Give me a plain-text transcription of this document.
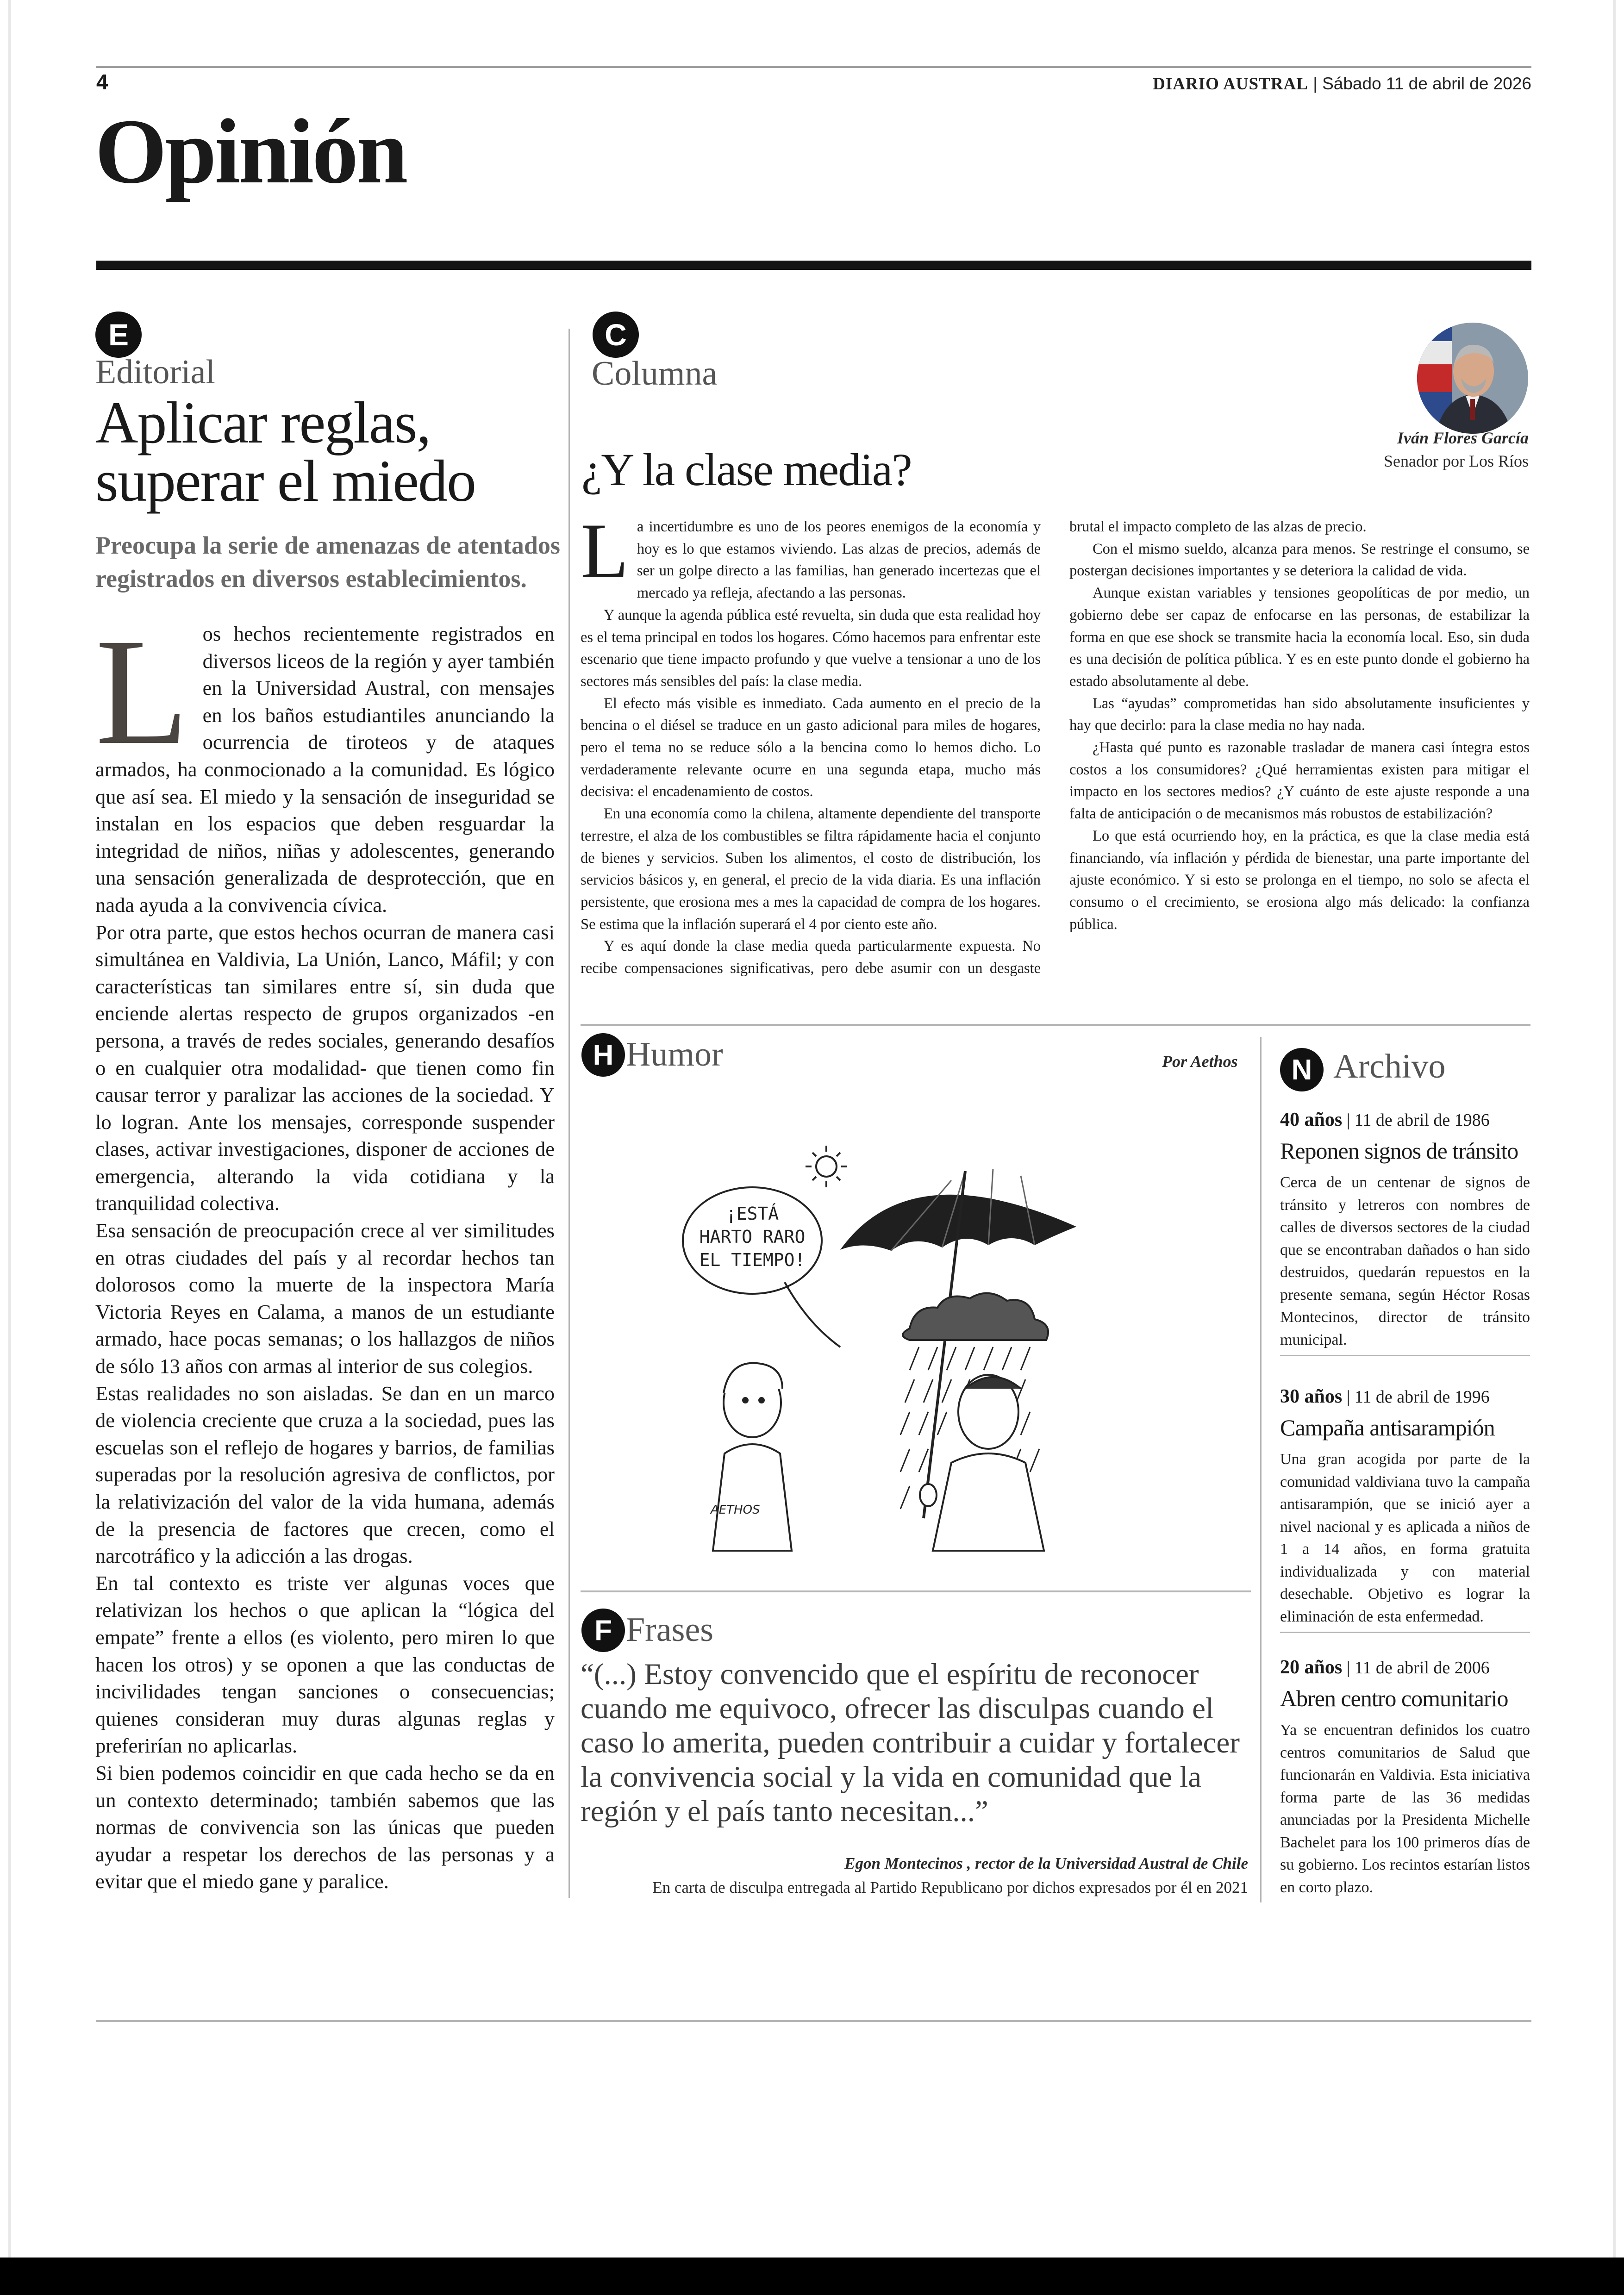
4	DIARIO AUSTRAL | Sábado 11 de abril de 2026
Opinión
E
Editorial
Aplicar reglas,
superar el miedo
Preocupa la serie de amenazas de atentados registrados en diversos establecimientos.

Los hechos recientemente registrados en diversos liceos de la región y ayer también en la Universidad Austral, con mensajes en los baños estudiantiles anunciando la ocurrencia de tiroteos y de ataques armados, ha conmocionado a la comunidad. Es lógico que así sea. El miedo y la sensación de inseguridad se instalan en los espacios que deben resguardar la integridad de niños, niñas y adolescentes, generando una sensación generalizada de desprotección, que en nada ayuda a la convivencia cívica.

Por otra parte, que estos hechos ocurran de manera casi simultánea en Valdivia, La Unión, Lanco, Máfil; y con características tan similares entre sí, sin duda que enciende alertas respecto de grupos organizados -en persona, a través de redes sociales, generando desafíos o en cualquier otra modalidad- que tienen como fin causar terror y paralizar las acciones de la sociedad. Y lo logran. Ante los mensajes, corresponde suspender clases, activar investigaciones, disponer de acciones de emergencia, alterando la vida cotidiana y la tranquilidad colectiva.

Esa sensación de preocupación crece al ver similitudes en otras ciudades del país y al recordar hechos tan dolorosos como la muerte de la inspectora María Victoria Reyes en Calama, a manos de un estudiante armado, hace pocas semanas; o los hallazgos de niños de sólo 13 años con armas al interior de sus colegios.

Estas realidades no son aisladas. Se dan en un marco de violencia creciente que cruza a la sociedad, pues las escuelas son el reflejo de hogares y barrios, de familias superadas por la resolución agresiva de conflictos, por la relativización del valor de la vida humana, además de la presencia de factores que crecen, como el narcotráfico y la adicción a las drogas.

En tal contexto es triste ver algunas voces que relativizan los hechos o que aplican la “lógica del empate” frente a ellos (es violento, pero miren lo que hacen los otros) y se oponen a que las conductas de incivilidades tengan sanciones o consecuencias; quienes consideran muy duras algunas reglas y preferirían no aplicarlas.

Si bien podemos coincidir en que cada hecho se da en un contexto determinado; también sabemos que las normas de convivencia son las únicas que pueden ayudar a respetar los derechos de las personas y a evitar que el miedo gane y paralice.

C
Columna
¿Y la clase media?
Iván Flores García
Senador por Los Ríos

La incertidumbre es uno de los peores enemigos de la economía y hoy es lo que estamos viviendo. Las alzas de precios, además de ser un golpe directo a las familias, han generado incertezas que el mercado ya refleja, afectando a las personas.

Y aunque la agenda pública esté revuelta, sin duda que esta realidad hoy es el tema principal en todos los hogares. Cómo hacemos para enfrentar este escenario que tiene impacto profundo y que vuelve a tensionar a uno de los sectores más sensibles del país: la clase media.

El efecto más visible es inmediato. Cada aumento en el precio de la bencina o el diésel se traduce en un gasto adicional para miles de hogares, pero el tema no se reduce sólo a la bencina como lo hemos dicho. Lo verdaderamente relevante ocurre en una segunda etapa, mucho más decisiva: el encadenamiento de costos.

En una economía como la chilena, altamente dependiente del transporte terrestre, el alza de los combustibles se filtra rápidamente hacia el conjunto de bienes y servicios. Suben los alimentos, el costo de distribución, los servicios básicos y, en general, el precio de la vida diaria. Es una inflación persistente, que erosiona mes a mes la capacidad de compra de los hogares. Se estima que la inflación superará el 4 por ciento este año.

Y es aquí donde la clase media queda particularmente expuesta. No recibe compensaciones significativas, pero debe asumir con un desgaste brutal el impacto completo de las alzas de precio.

Con el mismo sueldo, alcanza para menos. Se restringe el consumo, se postergan decisiones importantes y se deteriora la calidad de vida.

Aunque existan variables y tensiones geopolíticas de por medio, un gobierno debe ser capaz de enfocarse en las personas, de estabilizar la forma en que ese shock se transmite hacia la economía local. Eso, sin duda es una decisión de política pública. Y es en este punto donde el gobierno ha estado absolutamente al debe.

Las “ayudas” comprometidas han sido absolutamente insuficientes y hay que decirlo: para la clase media no hay nada.

¿Hasta qué punto es razonable trasladar de manera casi íntegra estos costos a los consumidores? ¿Qué herramientas existen para mitigar el impacto en los sectores medios? ¿Y cuánto de este ajuste responde a una falta de anticipación o de mecanismos más robustos de estabilización?

Lo que está ocurriendo hoy, en la práctica, es que la clase media está financiando, vía inflación y pérdida de bienestar, una parte importante del ajuste económico. Y si esto se prolonga en el tiempo, no solo se afecta el consumo o el crecimiento, se erosiona algo más delicado: la confianza pública.

H Humor	Por Aethos
¡ESTÁ
HARTO RARO
EL TIEMPO!
AETHOS
F Frases
“(...) Estoy convencido que el espíritu de reconocer cuando me equivoco, ofrecer las disculpas cuando el caso lo amerita, pueden contribuir a cuidar y fortalecer la convivencia social y la vida en comunidad que la región y el país tanto necesitan...”
Egon Montecinos , rector de la Universidad Austral de Chile
En carta de disculpa entregada al Partido Republicano por dichos expresados por él en 2021
N Archivo
40 años | 11 de abril de 1986
Reponen signos de tránsito
Cerca de un centenar de signos de tránsito y letreros con nombres de calles de diversos sectores de la ciudad que se encontraban dañados o han sido destruidos, quedarán repuestos en la presente semana, según Héctor Rosas Montecinos, director de tránsito municipal.
30 años | 11 de abril de 1996
Campaña antisarampión
Una gran acogida por parte de la comunidad valdiviana tuvo la campaña antisarampión, que se inició ayer a nivel nacional y es aplicada a niños de 1 a 14 años, en forma gratuita individualizada y con material desechable. Objetivo es lograr la eliminación de esta enfermedad.
20 años | 11 de abril de 2006
Abren centro comunitario
Ya se encuentran definidos los cuatro centros comunitarios de Salud que funcionarán en Valdivia. Esta iniciativa forma parte de las 36 medidas anunciadas por la Presidenta Michelle Bachelet para los 100 primeros días de su gobierno. Los recintos estarían listos en corto plazo.
